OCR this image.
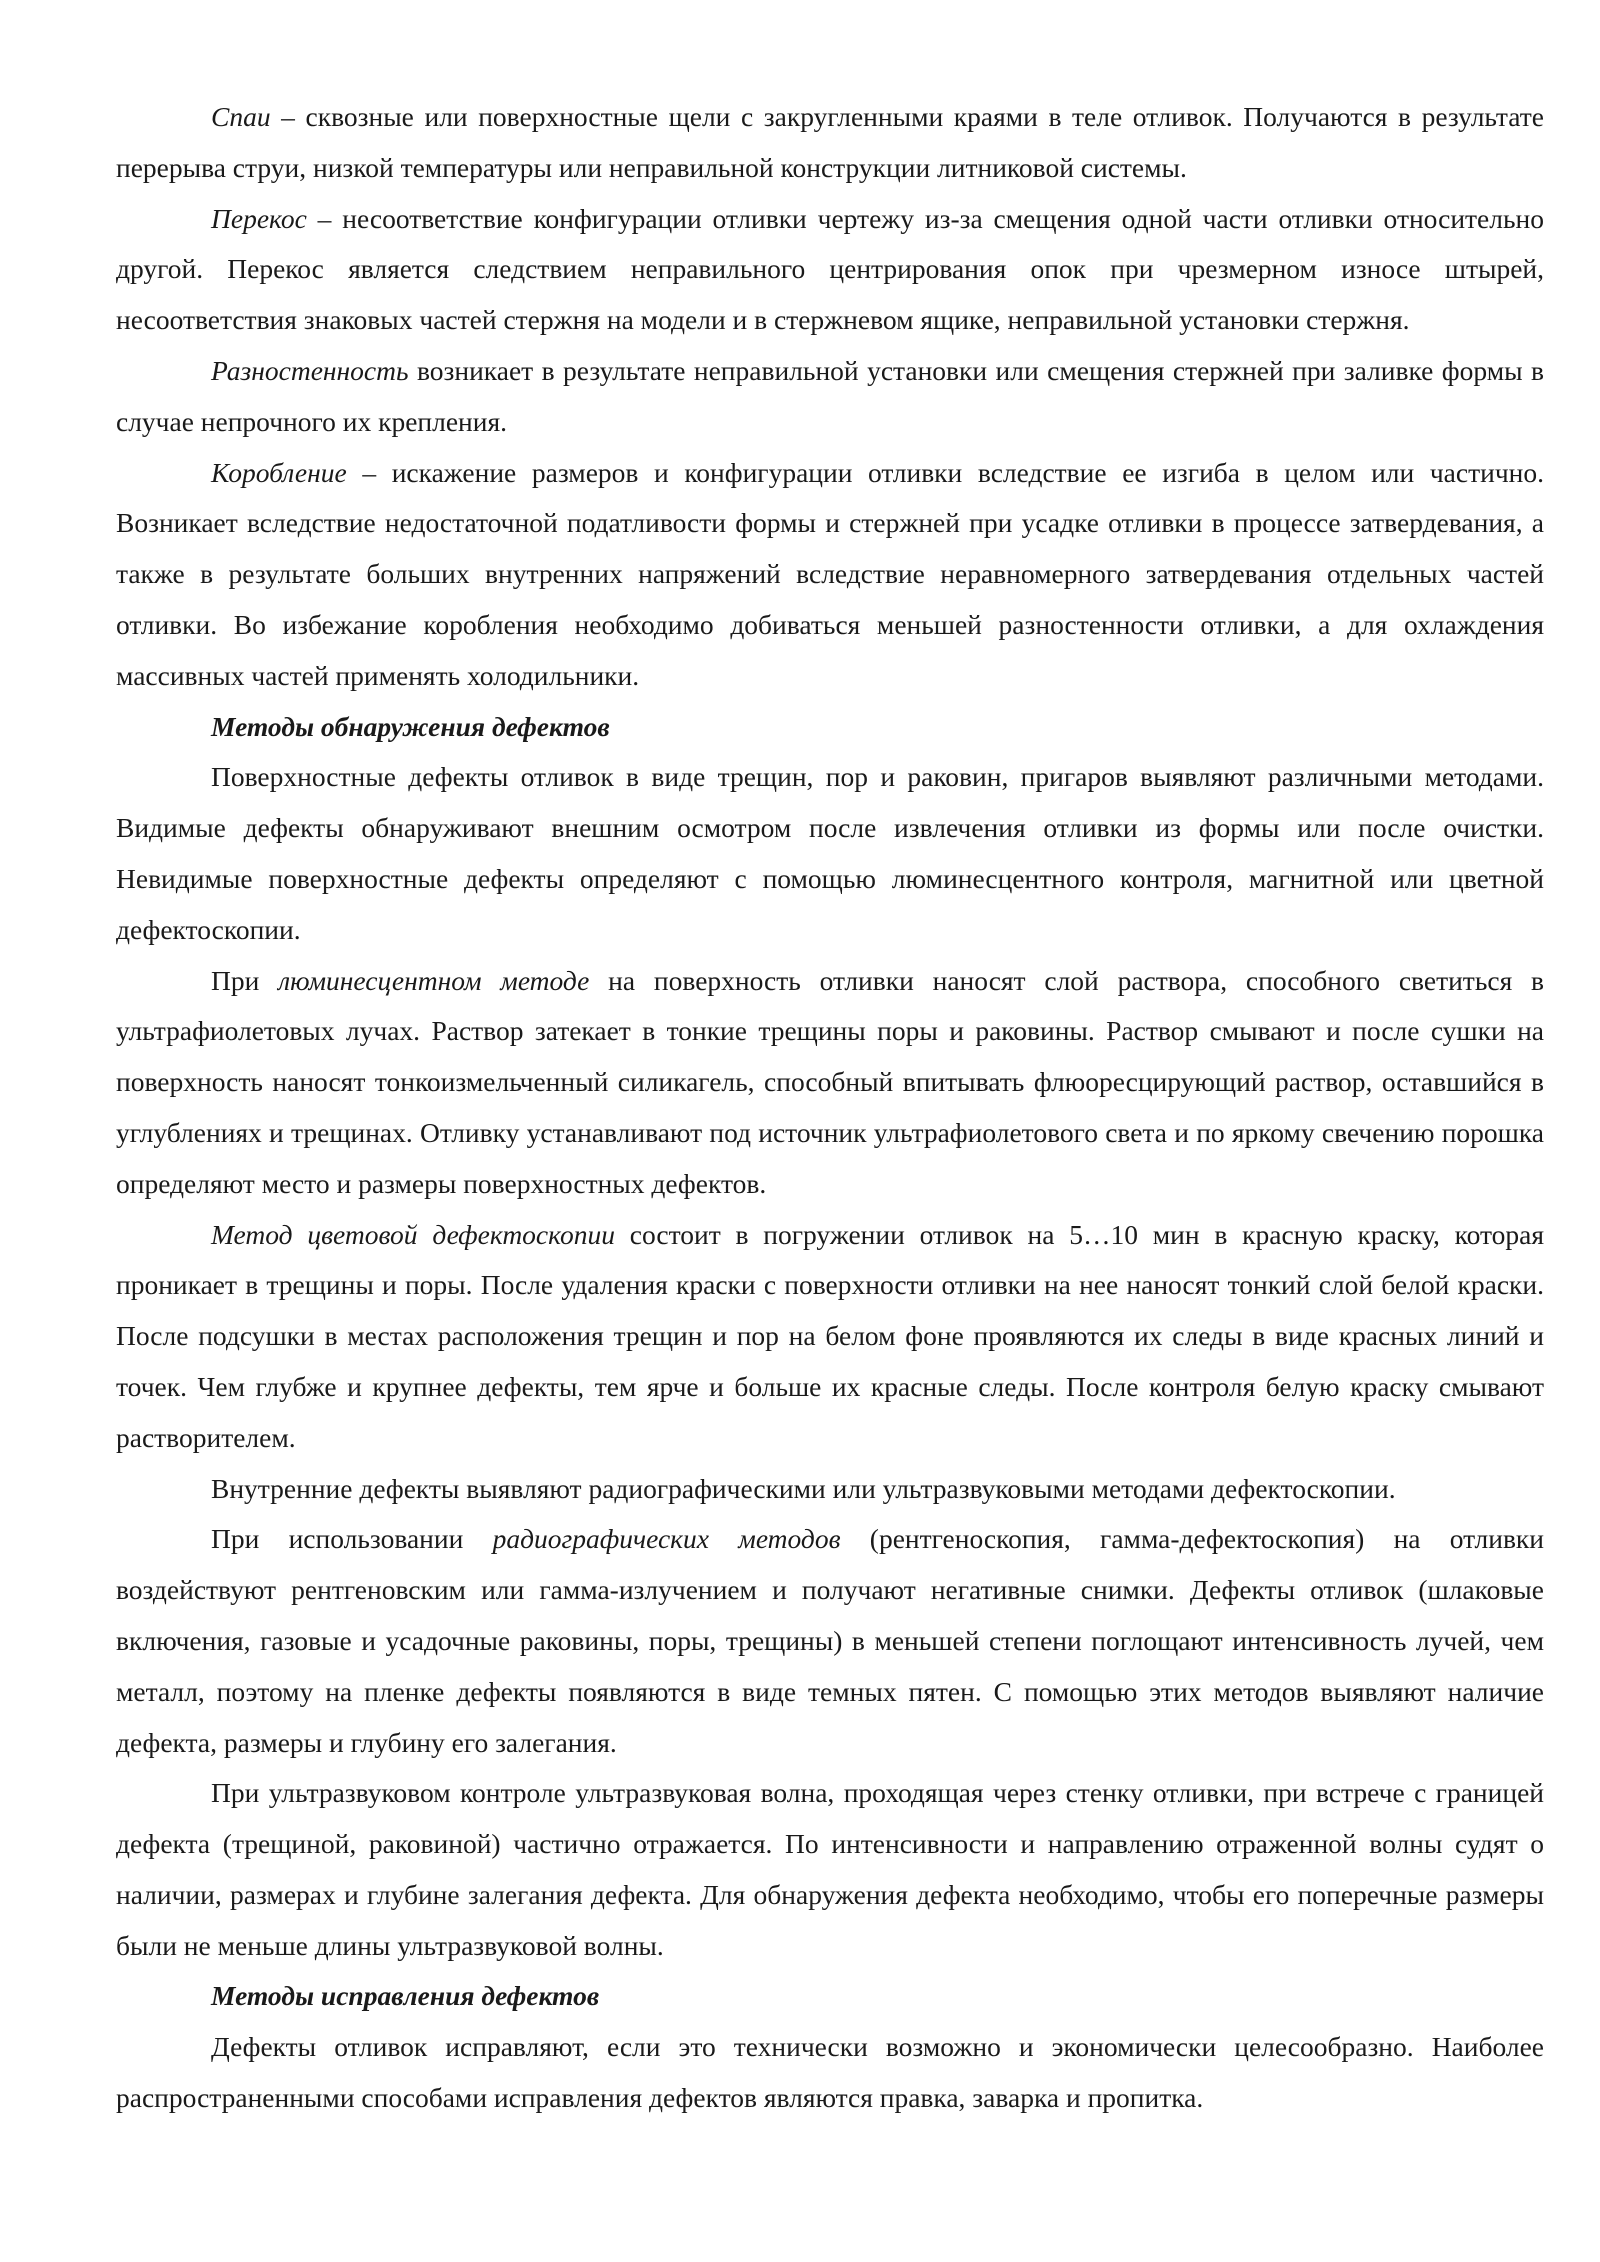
Спаи – сквозные или поверхностные щели с закругленными краями в теле отливок. Получаются в результате перерыва струи, низкой температуры или неправильной конструкции литниковой системы.

Перекос – несоответствие конфигурации отливки чертежу из-за смещения одной части отливки относительно другой. Перекос является следствием неправильного центрирования опок при чрезмерном износе штырей, несоответствия знаковых частей стержня на модели и в стержневом ящике, неправильной установки стержня.

Разностенность возникает в результате неправильной установки или смещения стержней при заливке формы в случае непрочного их крепления.

Коробление – искажение размеров и конфигурации отливки вследствие ее изгиба в целом или частично. Возникает вследствие недостаточной податливости формы и стержней при усадке отливки в процессе затвердевания, а также в результате больших внутренних напряжений вследствие неравномерного затвердевания отдельных частей отливки. Во избежание коробления необходимо добиваться меньшей разностенности отливки, а для охлаждения массивных частей применять холодильники.

Методы обнаружения дефектов

Поверхностные дефекты отливок в виде трещин, пор и раковин, пригаров выявляют различными методами. Видимые дефекты обнаруживают внешним осмотром после извлечения отливки из формы или после очистки. Невидимые поверхностные дефекты определяют с помощью люминесцентного контроля, магнитной или цветной дефектоскопии.

При люминесцентном методе на поверхность отливки наносят слой раствора, способного светиться в ультрафиолетовых лучах. Раствор затекает в тонкие трещины поры и раковины. Раствор смывают и после сушки на поверхность наносят тонкоизмельченный силикагель, способный впитывать флюоресцирующий раствор, оставшийся в углублениях и трещинах. Отливку устанавливают под источник ультрафиолетового света и по яркому свечению порошка определяют место и размеры поверхностных дефектов.

Метод цветовой дефектоскопии состоит в погружении отливок на 5…10 мин в красную краску, которая проникает в трещины и поры. После удаления краски с поверхности отливки на нее наносят тонкий слой белой краски. После подсушки в местах расположения трещин и пор на белом фоне проявляются их следы в виде красных линий и точек. Чем глубже и крупнее дефекты, тем ярче и больше их красные следы. После контроля белую краску смывают растворителем.

Внутренние дефекты выявляют радиографическими или ультразвуковыми методами дефектоскопии.

При использовании радиографических методов (рентгеноскопия, гамма-дефектоскопия) на отливки воздействуют рентгеновским или гамма-излучением и получают негативные снимки. Дефекты отливок (шлаковые включения, газовые и усадочные раковины, поры, трещины) в меньшей степени поглощают интенсивность лучей, чем металл, поэтому на пленке дефекты появляются в виде темных пятен. С помощью этих методов выявляют наличие дефекта, размеры и глубину его залегания.

При ультразвуковом контроле ультразвуковая волна, проходящая через стенку отливки, при встрече с границей дефекта (трещиной, раковиной) частично отражается. По интенсивности и направлению отраженной волны судят о наличии, размерах и глубине залегания дефекта. Для обнаружения дефекта необходимо, чтобы его поперечные размеры были не меньше длины ультразвуковой волны.

Методы исправления дефектов

Дефекты отливок исправляют, если это технически возможно и экономически целесообразно. Наиболее распространенными способами исправления дефектов являются правка, заварка и пропитка.
